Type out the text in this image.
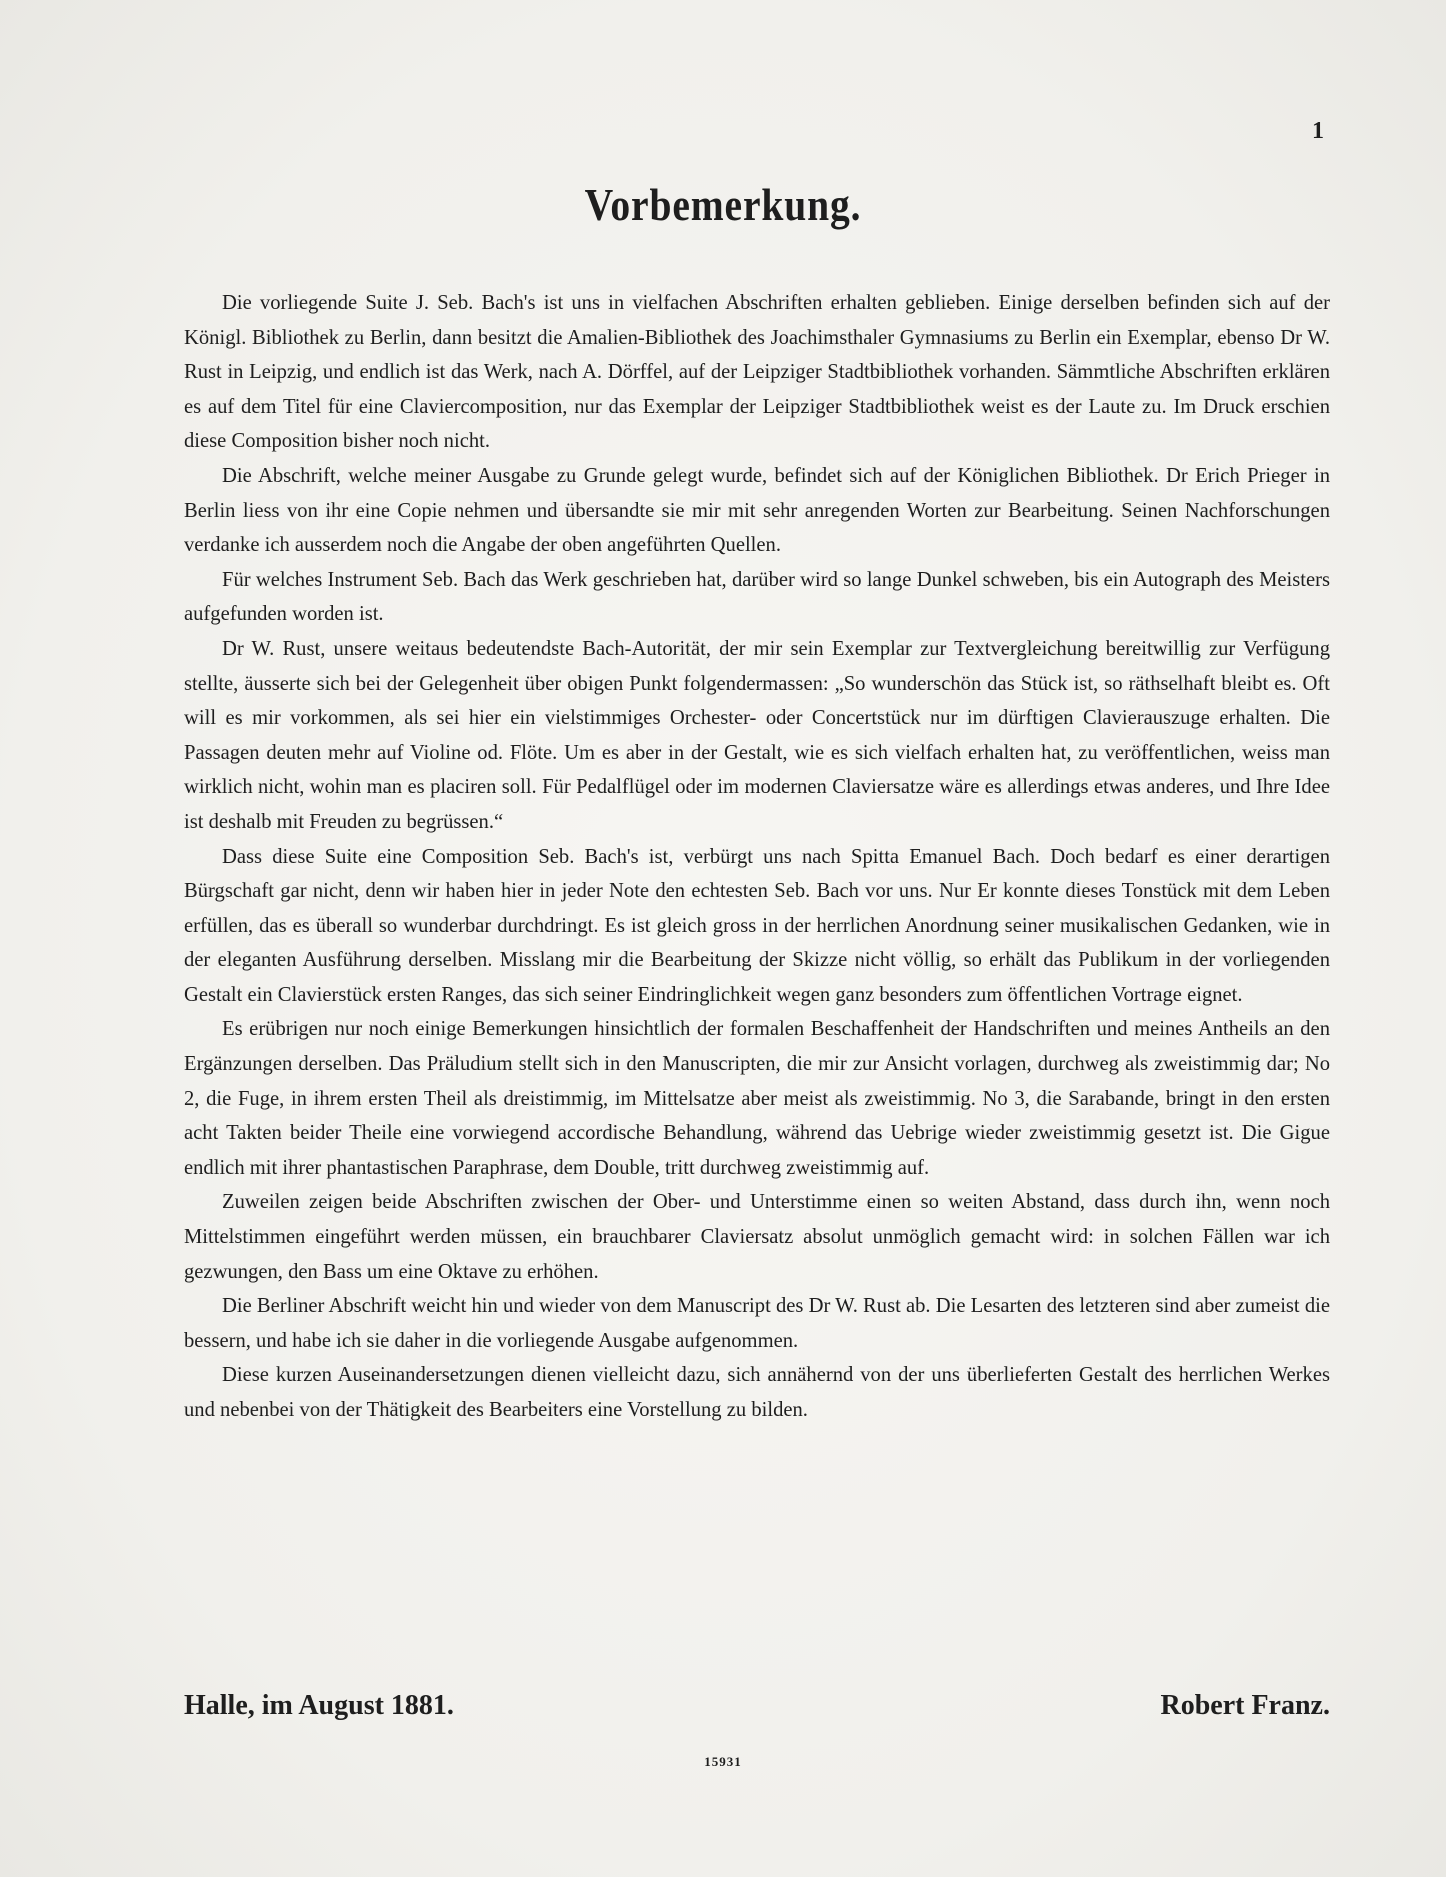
1
Vorbemerkung.

Die vorliegende Suite J. Seb. Bach's ist uns in vielfachen Abschriften erhalten geblieben. Einige derselben befinden sich auf der Königl. Bibliothek zu Berlin, dann besitzt die Amalien-Bibliothek des Joachimsthaler Gymnasiums zu Berlin ein Exemplar, ebenso Dr W. Rust in Leipzig, und endlich ist das Werk, nach A. Dörffel, auf der Leipziger Stadtbibliothek vorhanden. Sämmtliche Abschriften erklären es auf dem Titel für eine Claviercomposition, nur das Exemplar der Leipziger Stadtbibliothek weist es der Laute zu. Im Druck erschien diese Composition bisher noch nicht.

Die Abschrift, welche meiner Ausgabe zu Grunde gelegt wurde, befindet sich auf der Königlichen Bibliothek. Dr Erich Prieger in Berlin liess von ihr eine Copie nehmen und übersandte sie mir mit sehr anregenden Worten zur Bearbeitung. Seinen Nachforschungen verdanke ich ausserdem noch die Angabe der oben angeführten Quellen.

Für welches Instrument Seb. Bach das Werk geschrieben hat, darüber wird so lange Dunkel schweben, bis ein Autograph des Meisters aufgefunden worden ist.

Dr W. Rust, unsere weitaus bedeutendste Bach-Autorität, der mir sein Exemplar zur Textvergleichung bereitwillig zur Verfügung stellte, äusserte sich bei der Gelegenheit über obigen Punkt folgendermassen: „So wunderschön das Stück ist, so räthselhaft bleibt es. Oft will es mir vorkommen, als sei hier ein vielstimmiges Orchester- oder Concertstück nur im dürftigen Clavierauszuge erhalten. Die Passagen deuten mehr auf Violine od. Flöte. Um es aber in der Gestalt, wie es sich vielfach erhalten hat, zu veröffentlichen, weiss man wirklich nicht, wohin man es placiren soll. Für Pedalflügel oder im modernen Claviersatze wäre es allerdings etwas anderes, und Ihre Idee ist deshalb mit Freuden zu begrüssen.“

Dass diese Suite eine Composition Seb. Bach's ist, verbürgt uns nach Spitta Emanuel Bach. Doch bedarf es einer derartigen Bürgschaft gar nicht, denn wir haben hier in jeder Note den echtesten Seb. Bach vor uns. Nur Er konnte dieses Tonstück mit dem Leben erfüllen, das es überall so wunderbar durchdringt. Es ist gleich gross in der herrlichen Anordnung seiner musikalischen Gedanken, wie in der eleganten Ausführung derselben. Misslang mir die Bearbeitung der Skizze nicht völlig, so erhält das Publikum in der vorliegenden Gestalt ein Clavierstück ersten Ranges, das sich seiner Eindringlichkeit wegen ganz besonders zum öffentlichen Vortrage eignet.

Es erübrigen nur noch einige Bemerkungen hinsichtlich der formalen Beschaffenheit der Handschriften und meines Antheils an den Ergänzungen derselben. Das Präludium stellt sich in den Manuscripten, die mir zur Ansicht vorlagen, durchweg als zweistimmig dar; No 2, die Fuge, in ihrem ersten Theil als dreistimmig, im Mittelsatze aber meist als zweistimmig. No 3, die Sarabande, bringt in den ersten acht Takten beider Theile eine vorwiegend accordische Behandlung, während das Uebrige wieder zweistimmig gesetzt ist. Die Gigue endlich mit ihrer phantastischen Paraphrase, dem Double, tritt durchweg zweistimmig auf.

Zuweilen zeigen beide Abschriften zwischen der Ober- und Unterstimme einen so weiten Abstand, dass durch ihn, wenn noch Mittelstimmen eingeführt werden müssen, ein brauchbarer Claviersatz absolut unmöglich gemacht wird: in solchen Fällen war ich gezwungen, den Bass um eine Oktave zu erhöhen.

Die Berliner Abschrift weicht hin und wieder von dem Manuscript des Dr W. Rust ab. Die Lesarten des letzteren sind aber zumeist die bessern, und habe ich sie daher in die vorliegende Ausgabe aufgenommen.

Diese kurzen Auseinandersetzungen dienen vielleicht dazu, sich annähernd von der uns überlieferten Gestalt des herrlichen Werkes und nebenbei von der Thätigkeit des Bearbeiters eine Vorstellung zu bilden.

Halle, im August 1881.	Robert Franz.
15931
